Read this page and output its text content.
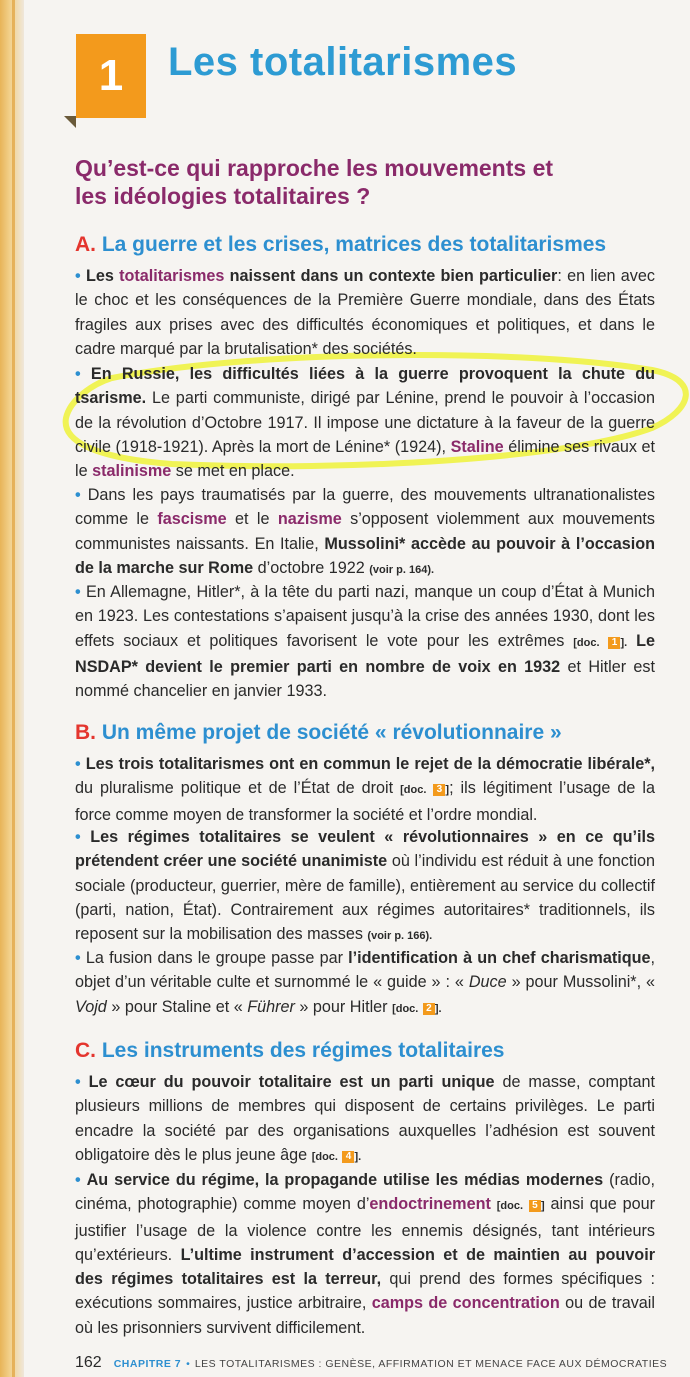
1 Les totalitarismes
Qu’est-ce qui rapproche les mouvements et les idéologies totalitaires ?
A. La guerre et les crises, matrices des totalitarismes
• Les totalitarismes naissent dans un contexte bien particulier: en lien avec le choc et les conséquences de la Première Guerre mondiale, dans des États fragiles aux prises avec des difficultés économiques et politiques, et dans le cadre marqué par la brutalisation* des sociétés.
• En Russie, les difficultés liées à la guerre provoquent la chute du tsarisme. Le parti communiste, dirigé par Lénine, prend le pouvoir à l’occasion de la révolution d’Octobre 1917. Il impose une dictature à la faveur de la guerre civile (1918-1921). Après la mort de Lénine* (1924), Staline élimine ses rivaux et le stalinisme se met en place.
• Dans les pays traumatisés par la guerre, des mouvements ultranationalistes comme le fascisme et le nazisme s’opposent violemment aux mouvements communistes naissants. En Italie, Mussolini* accède au pouvoir à l’occasion de la marche sur Rome d’octobre 1922 (voir p. 164).
• En Allemagne, Hitler*, à la tête du parti nazi, manque un coup d’État à Munich en 1923. Les contestations s’apaisent jusqu’à la crise des années 1930, dont les effets sociaux et politiques favorisent le vote pour les extrêmes [doc. 1 ]. Le NSDAP* devient le premier parti en nombre de voix en 1932 et Hitler est nommé chancelier en janvier 1933.
B. Un même projet de société « révolutionnaire »
• Les trois totalitarismes ont en commun le rejet de la démocratie libérale*, du pluralisme politique et de l’État de droit [doc. 3 ]; ils légitiment l’usage de la force comme moyen de transformer la société et l’ordre mondial.
• Les régimes totalitaires se veulent « révolutionnaires » en ce qu’ils prétendent créer une société unanimiste où l’individu est réduit à une fonction sociale (producteur, guerrier, mère de famille), entièrement au service du collectif (parti, nation, État). Contrairement aux régimes autoritaires* traditionnels, ils reposent sur la mobilisation des masses (voir p. 166).
• La fusion dans le groupe passe par l’identification à un chef charismatique, objet d’un véritable culte et surnommé le « guide » : « Duce » pour Mussolini*, « Vojd » pour Staline et « Führer » pour Hitler [doc. 2 ].
C. Les instruments des régimes totalitaires
• Le cœur du pouvoir totalitaire est un parti unique de masse, comptant plusieurs millions de membres qui disposent de certains privilèges. Le parti encadre la société par des organisations auxquelles l’adhésion est souvent obligatoire dès le plus jeune âge [doc. 4 ].
• Au service du régime, la propagande utilise les médias modernes (radio, cinéma, photographie) comme moyen d’endoctrinement [doc. 5 ] ainsi que pour justifier l’usage de la violence contre les ennemis désignés, tant intérieurs qu’extérieurs. L’ultime instrument d’accession et de maintien au pouvoir des régimes totalitaires est la terreur, qui prend des formes spécifiques : exécutions sommaires, justice arbitraire, camps de concentration ou de travail où les prisonniers survivent difficilement.
162 CHAPITRE 7 • LES TOTALITARISMES : GENÈSE, AFFIRMATION ET MENACE FACE AUX DÉMOCRATIES
